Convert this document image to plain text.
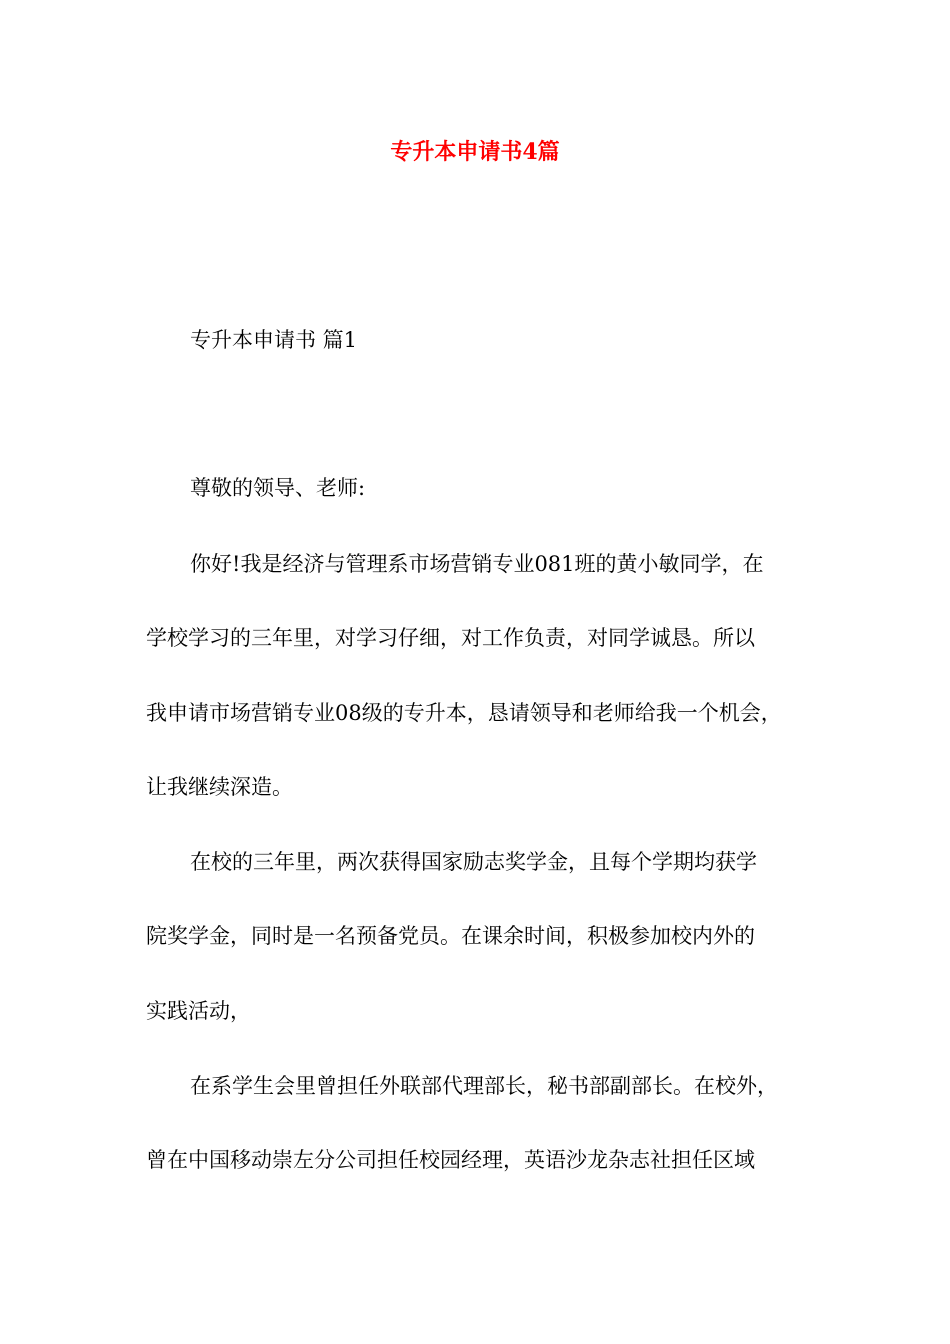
专升本申请书4篇

专升本申请书 篇1

尊敬的领导、老师:

你好!我是经济与管理系市场营销专业081班的黄小敏同学，在

学校学习的三年里，对学习仔细，对工作负责，对同学诚恳。所以

我申请市场营销专业08级的专升本，恳请领导和老师给我一个机会，

让我继续深造。

在校的三年里，两次获得国家励志奖学金，且每个学期均获学

院奖学金，同时是一名预备党员。在课余时间，积极参加校内外的

实践活动，

在系学生会里曾担任外联部代理部长，秘书部副部长。在校外，

曾在中国移动崇左分公司担任校园经理，英语沙龙杂志社担任区域
